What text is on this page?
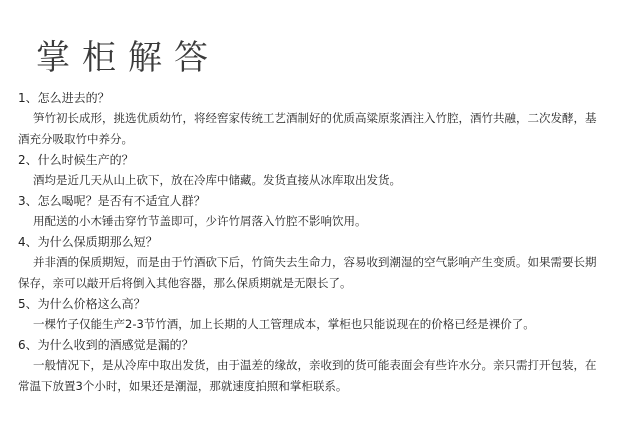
掌柜解答
1、怎么进去的？
笋竹初长成形，挑选优质幼竹，将经窖家传统工艺酒制好的优质高粱原浆酒注入竹腔，酒竹共融，二次发酵，基酒充分吸取竹中养分。
2、什么时候生产的？
酒均是近几天从山上砍下，放在冷库中储藏。发货直接从冰库取出发货。
3、怎么喝呢？是否有不适宜人群？
用配送的小木锤击穿竹节盖即可，少许竹屑落入竹腔不影响饮用。
4、为什么保质期那么短？
并非酒的保质期短，而是由于竹酒砍下后，竹筒失去生命力，容易收到潮湿的空气影响产生变质。如果需要长期保存，亲可以敲开后将倒入其他容器，那么保质期就是无限长了。
5、为什么价格这么高？
一棵竹子仅能生产2-3节竹酒，加上长期的人工管理成本，掌柜也只能说现在的价格已经是裸价了。
6、为什么收到的酒感觉是漏的？
一般情况下，是从冷库中取出发货，由于温差的缘故，亲收到的货可能表面会有些许水分。亲只需打开包装，在常温下放置3个小时，如果还是潮湿，那就速度拍照和掌柜联系。
